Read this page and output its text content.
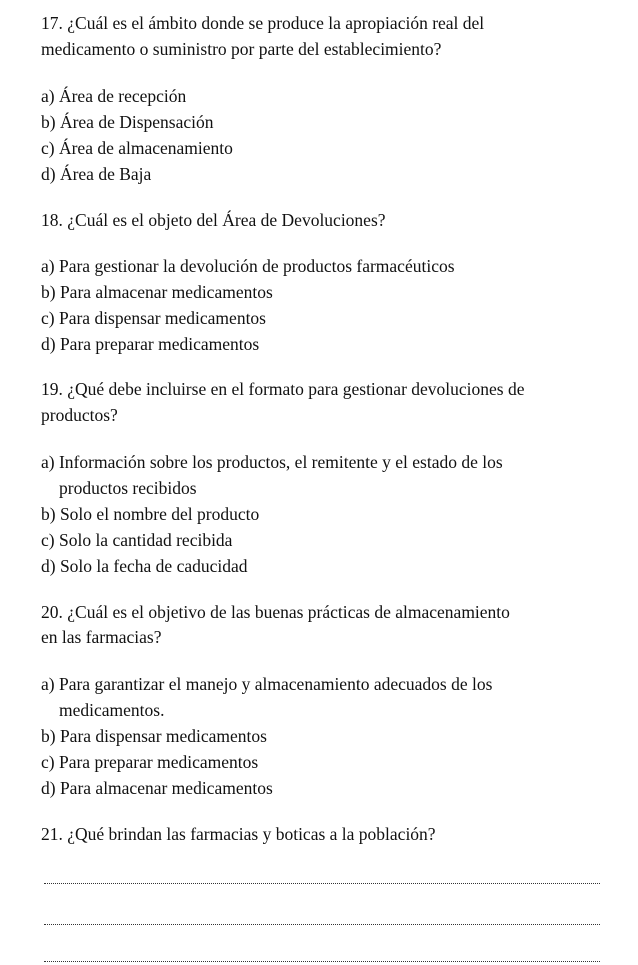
17. ¿Cuál es el ámbito donde se produce la apropiación real del
medicamento o suministro por parte del establecimiento?
a) Área de recepción
b) Área de Dispensación
c) Área de almacenamiento
d) Área de Baja
18. ¿Cuál es el objeto del Área de Devoluciones?
a) Para gestionar la devolución de productos farmacéuticos
b) Para almacenar medicamentos
c) Para dispensar medicamentos
d) Para preparar medicamentos
19. ¿Qué debe incluirse en el formato para gestionar devoluciones de
productos?
a) Información sobre los productos, el remitente y el estado de los
productos recibidos
b) Solo el nombre del producto
c) Solo la cantidad recibida
d) Solo la fecha de caducidad
20. ¿Cuál es el objetivo de las buenas prácticas de almacenamiento
en las farmacias?
a) Para garantizar el manejo y almacenamiento adecuados de los
medicamentos.
b) Para dispensar medicamentos
c) Para preparar medicamentos
d) Para almacenar medicamentos
21. ¿Qué brindan las farmacias y boticas a la población?
